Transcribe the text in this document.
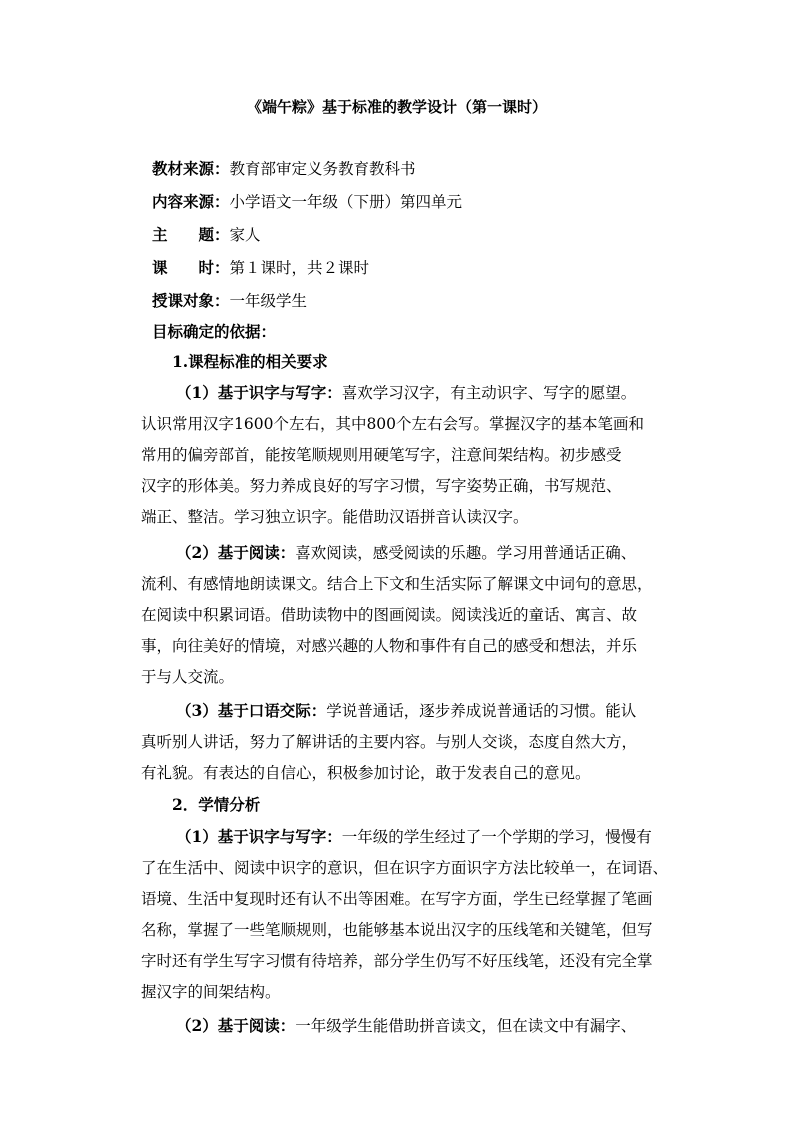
《端午粽》基于标准的教学设计（第一课时）
教材来源：教育部审定义务教育教科书
内容来源：小学语文一年级（下册）第四单元
主 题：家人
课 时：第１课时，共２课时
授课对象：一年级学生
目标确定的依据：
1.课程标准的相关要求
（1）基于识字与写字：喜欢学习汉字，有主动识字、写字的愿望。
认识常用汉字1600个左右，其中800个左右会写。掌握汉字的基本笔画和
常用的偏旁部首，能按笔顺规则用硬笔写字，注意间架结构。初步感受
汉字的形体美。努力养成良好的写字习惯，写字姿势正确，书写规范、
端正、整洁。学习独立识字。能借助汉语拼音认读汉字。
（2）基于阅读：喜欢阅读，感受阅读的乐趣。学习用普通话正确、
流利、有感情地朗读课文。结合上下文和生活实际了解课文中词句的意思，
在阅读中积累词语。借助读物中的图画阅读。阅读浅近的童话、寓言、故
事，向往美好的情境，对感兴趣的人物和事件有自己的感受和想法，并乐
于与人交流。
（3）基于口语交际：学说普通话，逐步养成说普通话的习惯。能认
真听别人讲话，努力了解讲话的主要内容。与别人交谈，态度自然大方，
有礼貌。有表达的自信心，积极参加讨论，敢于发表自己的意见。
2．学情分析
（1）基于识字与写字：一年级的学生经过了一个学期的学习，慢慢有
了在生活中、阅读中识字的意识，但在识字方面识字方法比较单一，在词语、
语境、生活中复现时还有认不出等困难。在写字方面，学生已经掌握了笔画
名称，掌握了一些笔顺规则，也能够基本说出汉字的压线笔和关键笔，但写
字时还有学生写字习惯有待培养，部分学生仍写不好压线笔，还没有完全掌
握汉字的间架结构。
（2）基于阅读：一年级学生能借助拼音读文，但在读文中有漏字、
